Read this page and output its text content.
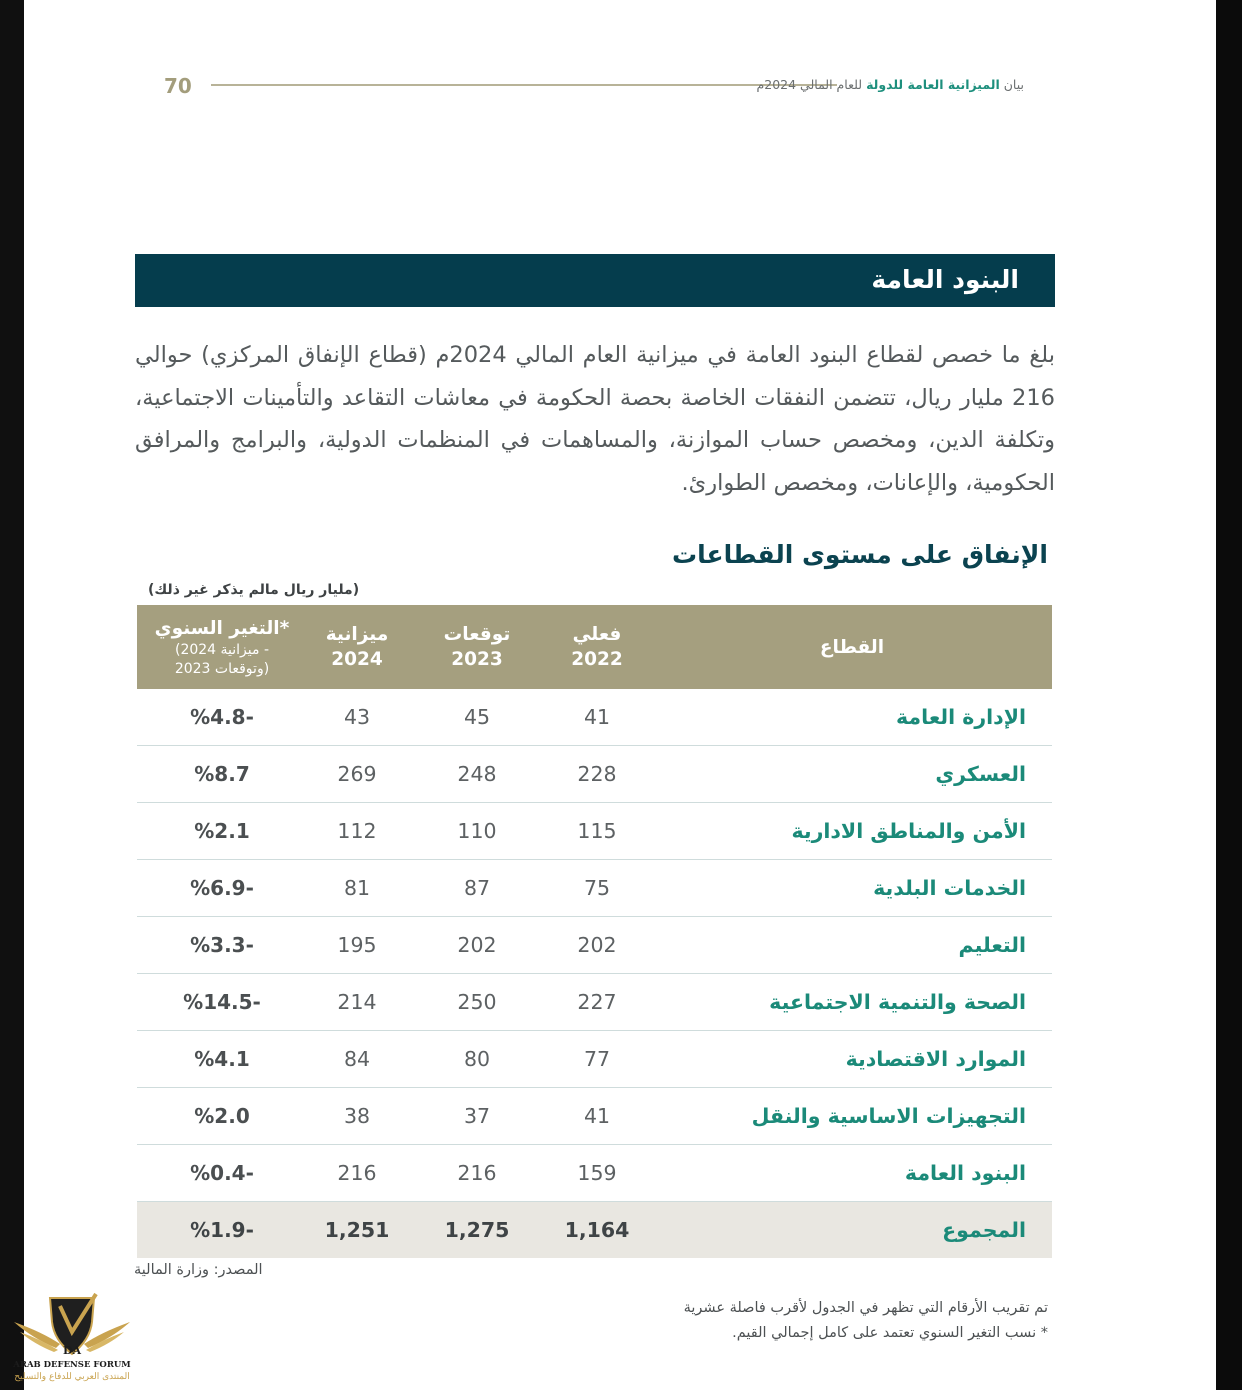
70	بيان الميزانية العامة للدولة للعام المالي 2024م
البنود العامة
بلغ ما خصص لقطاع البنود العامة في ميزانية العام المالي 2024م (قطاع الإنفاق المركزي) حوالي 216 مليار ريال، تتضمن النفقات الخاصة بحصة الحكومة في معاشات التقاعد والتأمينات الاجتماعية، وتكلفة الدين، ومخصص حساب الموازنة، والمساهمات في المنظمات الدولية، والبرامج والمرافق الحكومية، والإعانات، ومخصص الطوارئ.
الإنفاق على مستوى القطاعات
(مليار ريال مالم يذكر غير ذلك)
القطاع
فعلي
2022
توقعات
2023
ميزانية
2024
التغير السنوي*
(ميزانية 2024 -
وتوقعات 2023)
الإدارة العامة
41
45
43
%4.8-
العسكري
228
248
269
%8.7
الأمن والمناطق الادارية
115
110
112
%2.1
الخدمات البلدية
75
87
81
%6.9-
التعليم
202
202
195
%3.3-
الصحة والتنمية الاجتماعية
227
250
214
%14.5-
الموارد الاقتصادية
77
80
84
%4.1
التجهيزات الاساسية والنقل
41
37
38
%2.0
البنود العامة
159
216
216
%0.4-
المجموع
1,164
1,275
1,251
%1.9-
المصدر: وزارة المالية
تم تقريب الأرقام التي تظهر في الجدول لأقرب فاصلة عشرية
* نسب التغير السنوي تعتمد على كامل إجمالي القيم.
DA
ARAB DEFENSE FORUM
المنتدى العربي للدفاع والتسليح
